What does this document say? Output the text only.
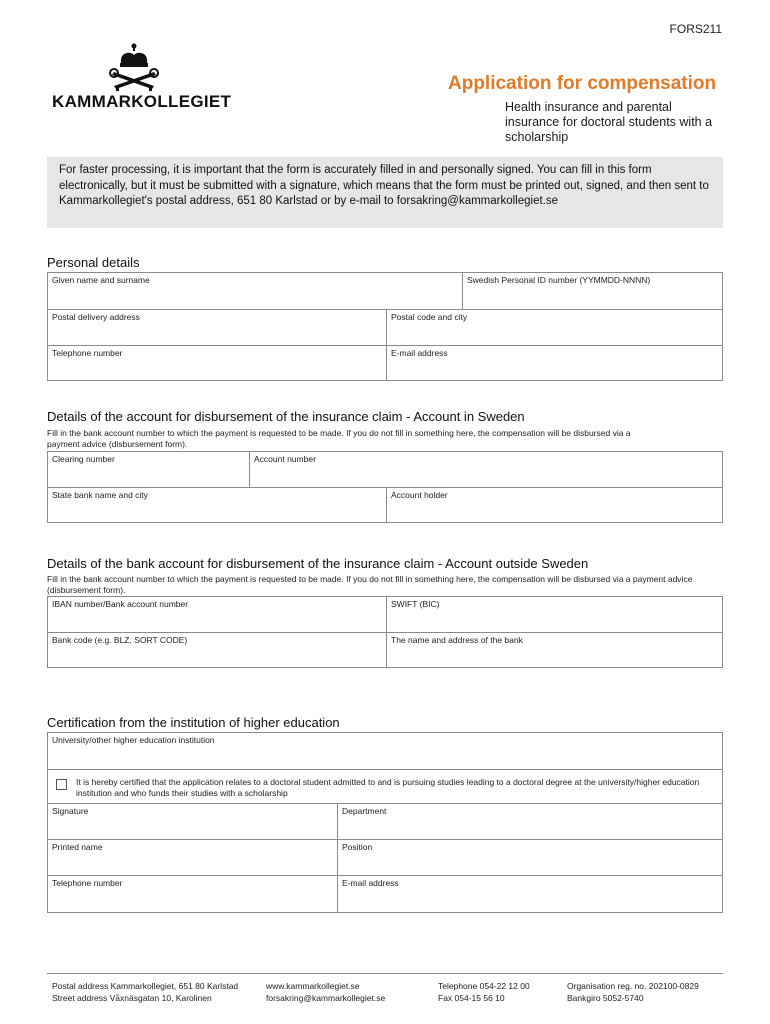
FORS211
KAMMARKOLLEGIET
Application for compensation
Health insurance and parental insurance for doctoral students with a scholarship
For faster processing, it is important that the form is accurately filled in and personally signed. You can fill in this form electronically, but it must be submitted with a signature, which means that the form must be printed out, signed, and then sent to Kammarkollegiet's postal address, 651 80 Karlstad or by e-mail to forsakring@kammarkollegiet.se
Personal details
Given name and surname	Swedish Personal ID number (YYMMDD-NNNN)
Postal delivery address	Postal code and city
Telephone number	E-mail address
Details of the account for disbursement of the insurance claim - Account in Sweden
Fill in the bank account number to which the payment is requested to be made. If you do not fill in something here, the compensation will be disbursed via a payment advice (disbursement form).
Clearing number	Account number
State bank name and city	Account holder
Details of the bank account for disbursement of the insurance claim - Account outside Sweden
Fill in the bank account number to which the payment is requested to be made. If you do not fill in something here, the compensation will be disbursed via a payment advice (disbursement form).
IBAN number/Bank account number	SWIFT (BIC)
Bank code (e.g. BLZ, SORT CODE)	The name and address of the bank
Certification from the institution of higher education
University/other higher education institution
It is hereby certified that the application relates to a doctoral student admitted to and is pursuing studies leading to a doctoral degree at the university/higher education institution and who funds their studies with a scholarship
Signature	Department
Printed name	Position
Telephone number	E-mail address
Postal address Kammarkollegiet, 651 80 Karlstad
Street address Våxnäsgatan 10, Karolinen
www.kammarkollegiet.se
forsakring@kammarkollegiet.se
Telephone 054-22 12 00
Fax 054-15 56 10
Organisation reg. no. 202100-0829
Bankgiro 5052-5740
